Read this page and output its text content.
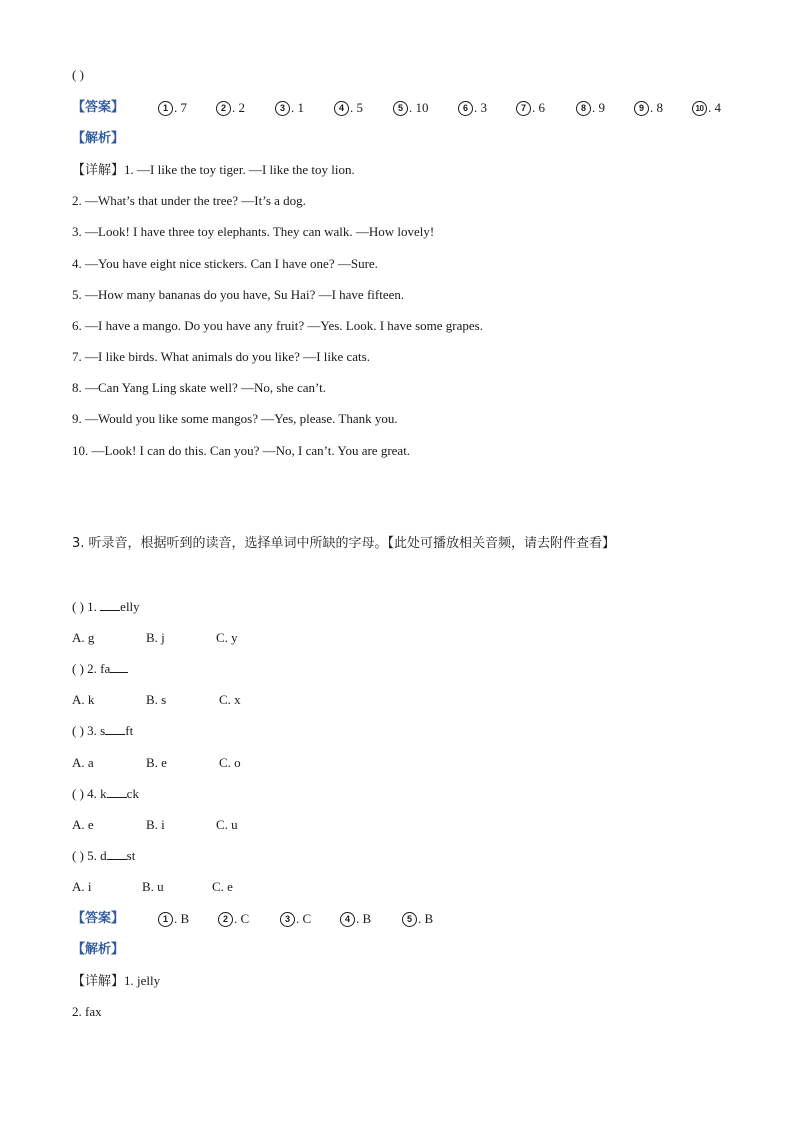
( )
【答案】	1 . 7	2 . 2	3 . 1	4 . 5	5 . 10	6 . 3	7 . 6	8 . 9	9 . 8	10 . 4
【解析】
【详解】1. —I like the toy tiger. —I like the toy lion.
2. —What’s that under the tree? —It’s a dog.
3. —Look! I have three toy elephants. They can walk. —How lovely!
4. —You have eight nice stickers. Can I have one? —Sure.
5. —How many bananas do you have, Su Hai? —I have fifteen.
6. —I have a mango. Do you have any fruit? —Yes. Look. I have some grapes.
7. —I like birds. What animals do you like? —I like cats.
8. —Can Yang Ling skate well? —No, she can’t.
9. —Would you like some mangos? —Yes, please. Thank you.
10. —Look! I can do this. Can you? —No, I can’t. You are great.
3. 听录音，根据听到的读音，选择单词中所缺的字母。【此处可播放相关音频，请去附件查看】
( ) 1. elly
A. g	B. j	C. y
( ) 2. fa
A. k	B. s	C. x
( ) 3. s ft
A. a	B. e	C. o
( ) 4. k ck
A. e	B. i	C. u
( ) 5. d st
A. i	B. u	C. e
【答案】	1 . B	2 . C	3 . C	4 . B	5 . B
【解析】
【详解】1. jelly
2. fax
